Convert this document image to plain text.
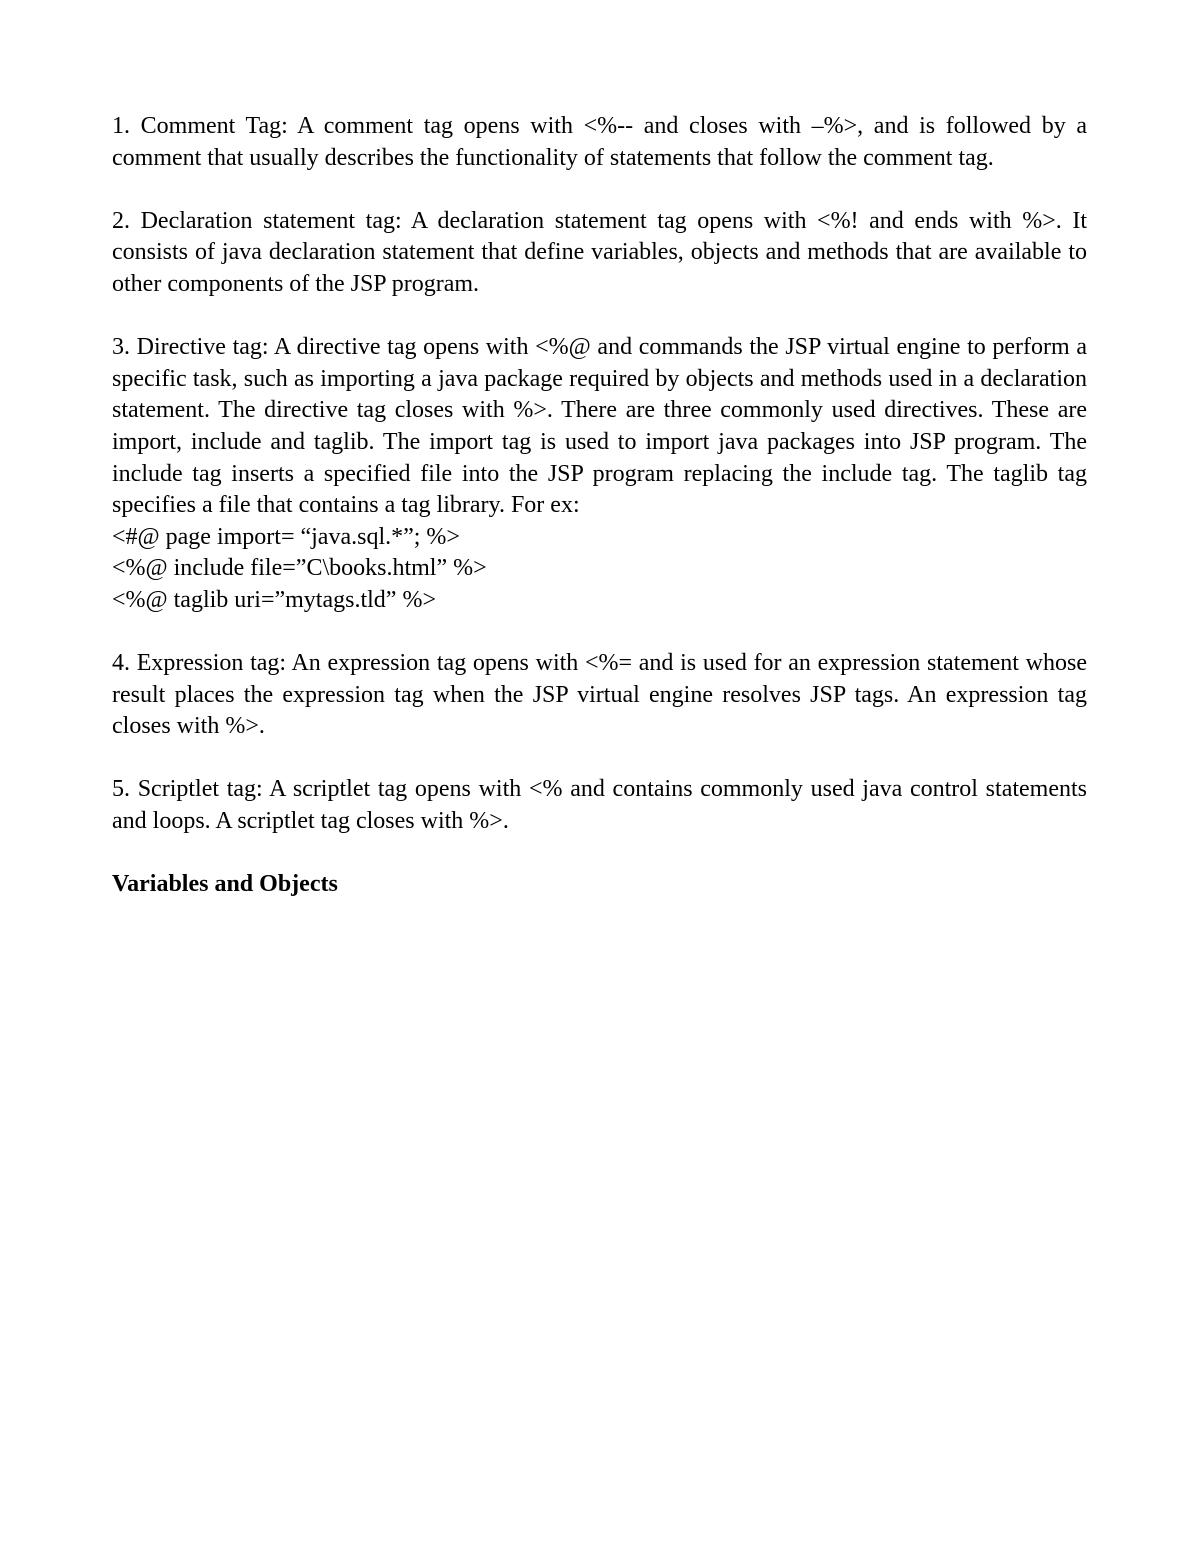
1. Comment Tag: A comment tag opens with <%-- and closes with –%>, and is followed by a comment that usually describes the functionality of statements that follow the comment tag.

2. Declaration statement tag: A declaration statement tag opens with <%! and ends with %>. It consists of java declaration statement that define variables, objects and methods that are available to other components of the JSP program.

3. Directive tag: A directive tag opens with <%@ and commands the JSP virtual engine to perform a specific task, such as importing a java package required by objects and methods used in a declaration statement. The directive tag closes with %>. There are three commonly used directives. These are import, include and taglib. The import tag is used to import java packages into JSP program. The include tag inserts a specified file into the JSP program replacing the include tag. The taglib tag specifies a file that contains a tag library. For ex:
<#@ page import= “java.sql.*”; %>
<%@ include file=”C\books.html” %>
<%@ taglib uri=”mytags.tld” %>

4. Expression tag: An expression tag opens with <%= and is used for an expression statement whose result places the expression tag when the JSP virtual engine resolves JSP tags. An expression tag closes with %>.

5. Scriptlet tag: A scriptlet tag opens with <% and contains commonly used java control statements and loops. A scriptlet tag closes with %>.

Variables and Objects
